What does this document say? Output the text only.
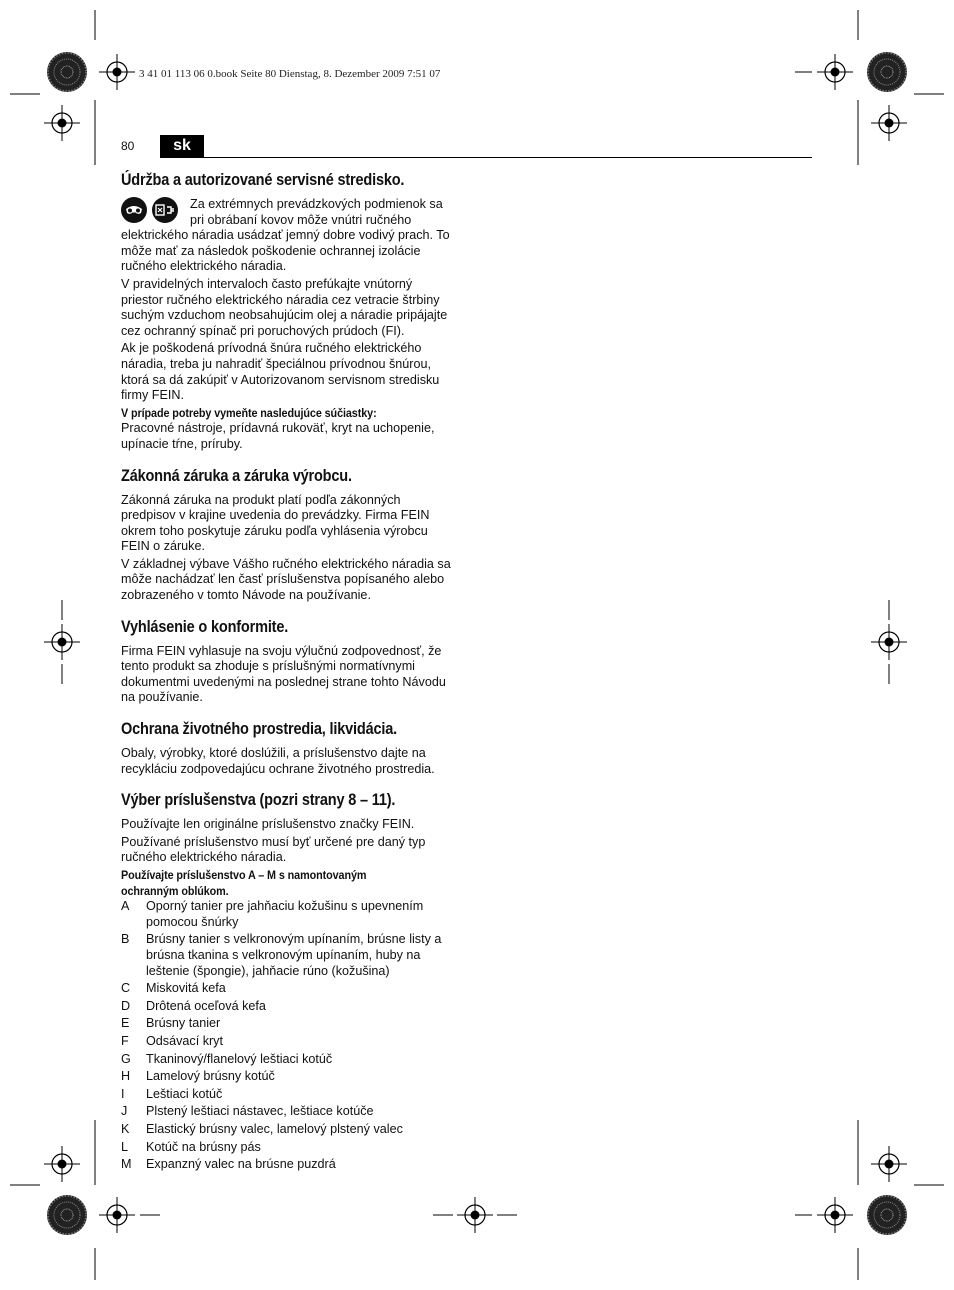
3 41 01 113 06 0.book Seite 80 Dienstag, 8. Dezember 2009 7:51 07
80	sk
Údržba a autorizované servisné stredisko.

Za extrémnych prevádzkových podmienok sa pri obrábaní kovov môže vnútri ručného elektrického náradia usádzať jemný dobre vodivý prach. To môže mať za následok poškodenie ochrannej izolácie ručného elektrického náradia.

V pravidelných intervaloch často prefúkajte vnútorný priestor ručného elektrického náradia cez vetracie štrbiny suchým vzduchom neobsahujúcim olej a náradie pripájajte cez ochranný spínač pri poruchových prúdoch (FI).

Ak je poškodená prívodná šnúra ručného elektrického náradia, treba ju nahradiť špeciálnou prívodnou šnúrou, ktorá sa dá zakúpiť v Autorizovanom servisnom stredisku firmy FEIN.

V prípade potreby vymeňte nasledujúce súčiastky:

Pracovné nástroje, prídavná rukoväť, kryt na uchopenie, upínacie tŕne, príruby.

Zákonná záruka a záruka výrobcu.

Zákonná záruka na produkt platí podľa zákonných predpisov v krajine uvedenia do prevádzky. Firma FEIN okrem toho poskytuje záruku podľa vyhlásenia výrobcu FEIN o záruke.

V základnej výbave Vášho ručného elektrického náradia sa môže nachádzať len časť príslušenstva popísaného alebo zobrazeného v tomto Návode na používanie.

Vyhlásenie o konformite.

Firma FEIN vyhlasuje na svoju výlučnú zodpovednosť, že tento produkt sa zhoduje s príslušnými normatívnymi dokumentmi uvedenými na poslednej strane tohto Návodu na používanie.

Ochrana životného prostredia, likvidácia.

Obaly, výrobky, ktoré doslúžili, a príslušenstvo dajte na recykláciu zodpovedajúcu ochrane životného prostredia.

Výber príslušenstva (pozri strany 8 – 11).

Používajte len originálne príslušenstvo značky FEIN.

Používané príslušenstvo musí byť určené pre daný typ ručného elektrického náradia.

Používajte príslušenstvo A – M s namontovaným ochranným oblúkom.

A	Oporný tanier pre jahňaciu kožušinu s upevnením pomocou šnúrky
B	Brúsny tanier s velkronovým upínaním, brúsne listy a brúsna tkanina s velkronovým upínaním, huby na leštenie (špongie), jahňacie rúno (kožušina)
C	Miskovitá kefa
D	Drôtená oceľová kefa
E	Brúsny tanier
F	Odsávací kryt
G	Tkaninový/flanelový leštiaci kotúč
H	Lamelový brúsny kotúč
I	Leštiaci kotúč
J	Plstený leštiaci nástavec, leštiace kotúče
K	Elastický brúsny valec, lamelový plstený valec
L	Kotúč na brúsny pás
M	Expanzný valec na brúsne puzdrá
